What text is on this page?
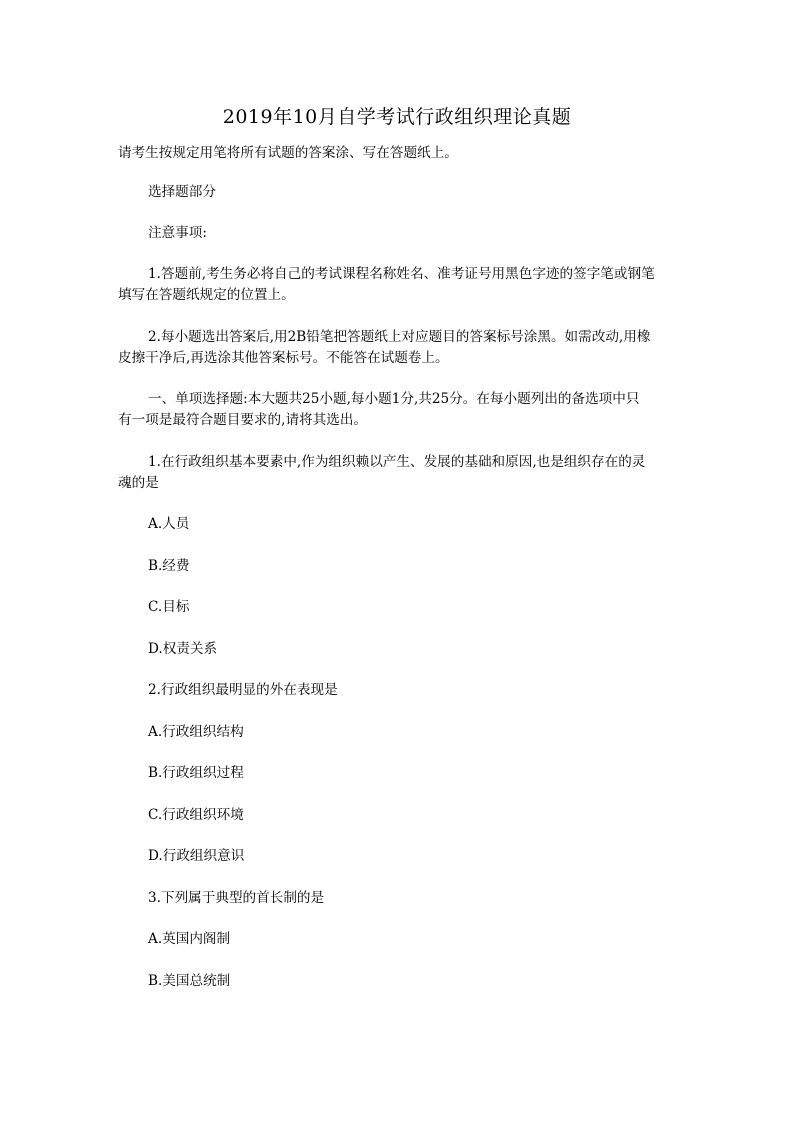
2019年10月自学考试行政组织理论真题
请考生按规定用笔将所有试题的答案涂、写在答题纸上。
选择题部分
注意事项:
1.答题前,考生务必将自己的考试课程名称姓名、准考证号用黑色字迹的签字笔或钢笔
填写在答题纸规定的位置上。
2.每小题选出答案后,用2B铅笔把答题纸上对应题目的答案标号涂黑。如需改动,用橡
皮擦干净后,再选涂其他答案标号。不能答在试题卷上。
一、单项选择题:本大题共25小题,每小题1分,共25分。在每小题列出的备选项中只
有一项是最符合题目要求的,请将其选出。
1.在行政组织基本要素中,作为组织赖以产生、发展的基础和原因,也是组织存在的灵
魂的是
A.人员
B.经费
C.目标
D.权责关系
2.行政组织最明显的外在表现是
A.行政组织结构
B.行政组织过程
C.行政组织环境
D.行政组织意识
3.下列属于典型的首长制的是
A.英国内阁制
B.美国总统制
